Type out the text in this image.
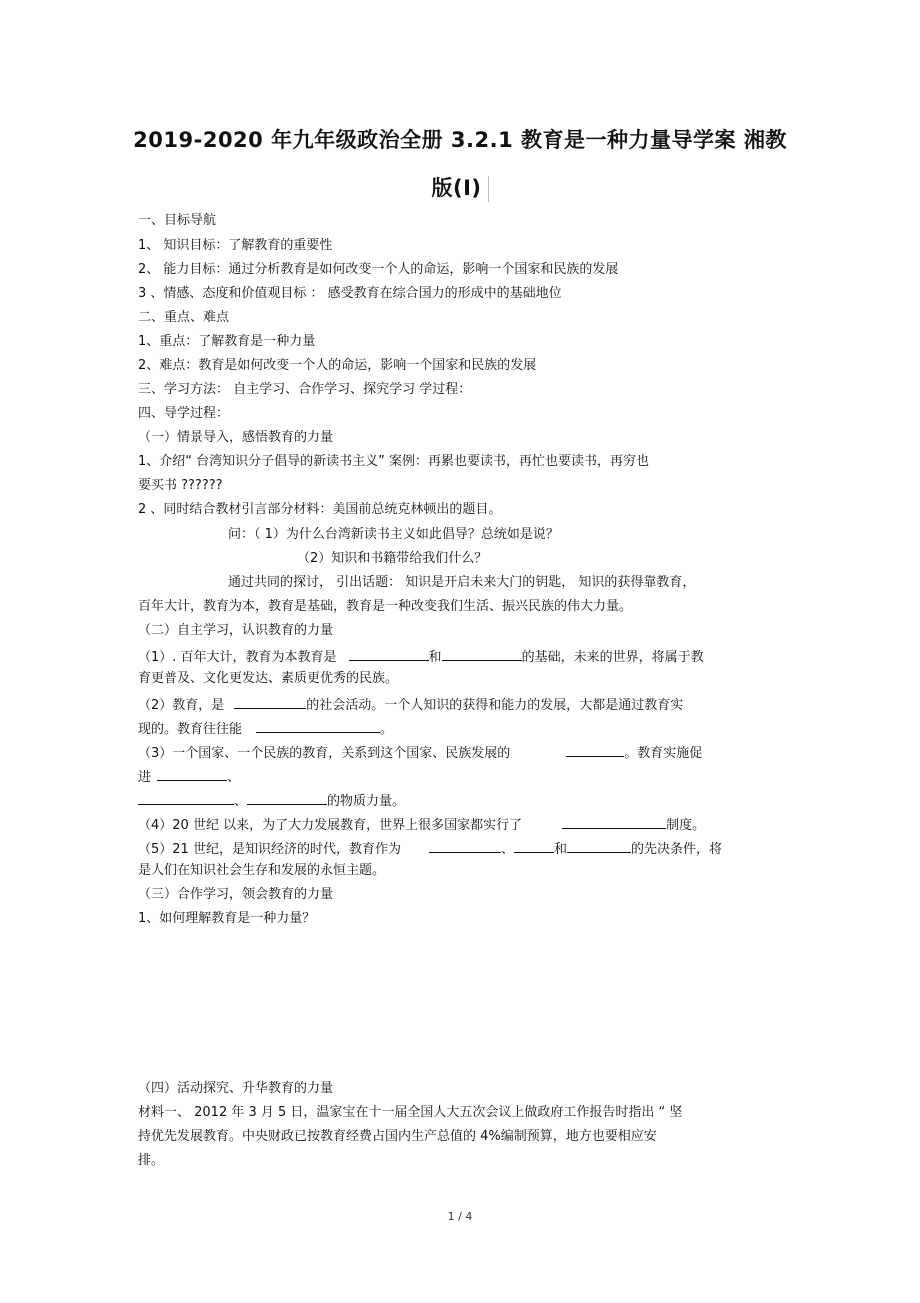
2019-2020 年九年级政治全册 3.2.1 教育是一种力量导学案 湘教
版(I)
一、目标导航
1、 知识目标：了解教育的重要性
2、 能力目标：通过分析教育是如何改变一个人的命运，影响一个国家和民族的发展
3 、情感、态度和价值观目标 ： 感受教育在综合国力的形成中的基础地位
二、重点、难点
1、重点：了解教育是一种力量
2、难点：教育是如何改变一个人的命运，影响一个国家和民族的发展
三、学习方法： 自主学习、合作学习、探究学习 学过程：
四、导学过程：
（一）情景导入，感悟教育的力量
1、介绍“ 台湾知识分子倡导的新读书主义” 案例：再累也要读书，再忙也要读书，再穷也
要买书 ??????
2 、同时结合教材引言部分材料：美国前总统克林顿出的题目。
问：（ 1）为什么台湾新读书主义如此倡导？总统如是说？
（2）知识和书籍带给我们什么？
通过共同的探讨， 引出话题： 知识是开启未来大门的钥匙， 知识的获得靠教育，
百年大计，教育为本，教育是基础，教育是一种改变我们生活、振兴民族的伟大力量。
（二）自主学习，认识教育的力量
（1）. 百年大计，教育为本教育是	和	的基础，未来的世界，将属于教
育更普及、文化更发达、素质更优秀的民族。
（2）教育，是	的社会活动。一个人知识的获得和能力的发展，大都是通过教育实
现的。教育往往能	。
（3）一个国家、一个民族的教育，关系到这个国家、民族发展的	。教育实施促
进	、
、	的物质力量。
（4）20 世纪 以来，为了大力发展教育，世界上很多国家都实行了	制度。
（5）21 世纪，是知识经济的时代，教育作为	、	和	的先决条件，将
是人们在知识社会生存和发展的永恒主题。
（三）合作学习，领会教育的力量
1、如何理解教育是一种力量？
（四）活动探究、升华教育的力量
材料一、 2012 年 3 月 5 日，温家宝在十一届全国人大五次会议上做政府工作报告时指出 “ 坚
持优先发展教育。中央财政已按教育经费占国内生产总值的 4%编制预算，地方也要相应安
排。
1 / 4
